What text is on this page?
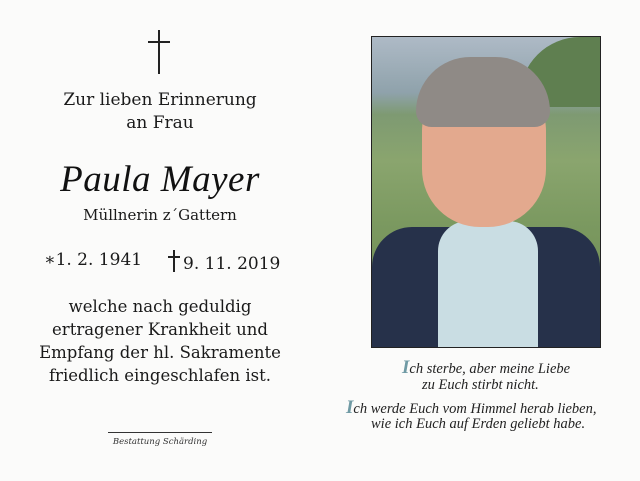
Zur lieben Erinnerung
an Frau
Paula Mayer
Müllnerin z´Gattern
∗1. 2. 1941	9. 11. 2019
welche nach geduldig
ertragener Krankheit und
Empfang der hl. Sakramente
friedlich eingeschlafen ist.
Bestattung Schärding
Ich sterbe, aber meine Liebe
zu Euch stirbt nicht.
Ich werde Euch vom Himmel herab lieben,
wie ich Euch auf Erden geliebt habe.
